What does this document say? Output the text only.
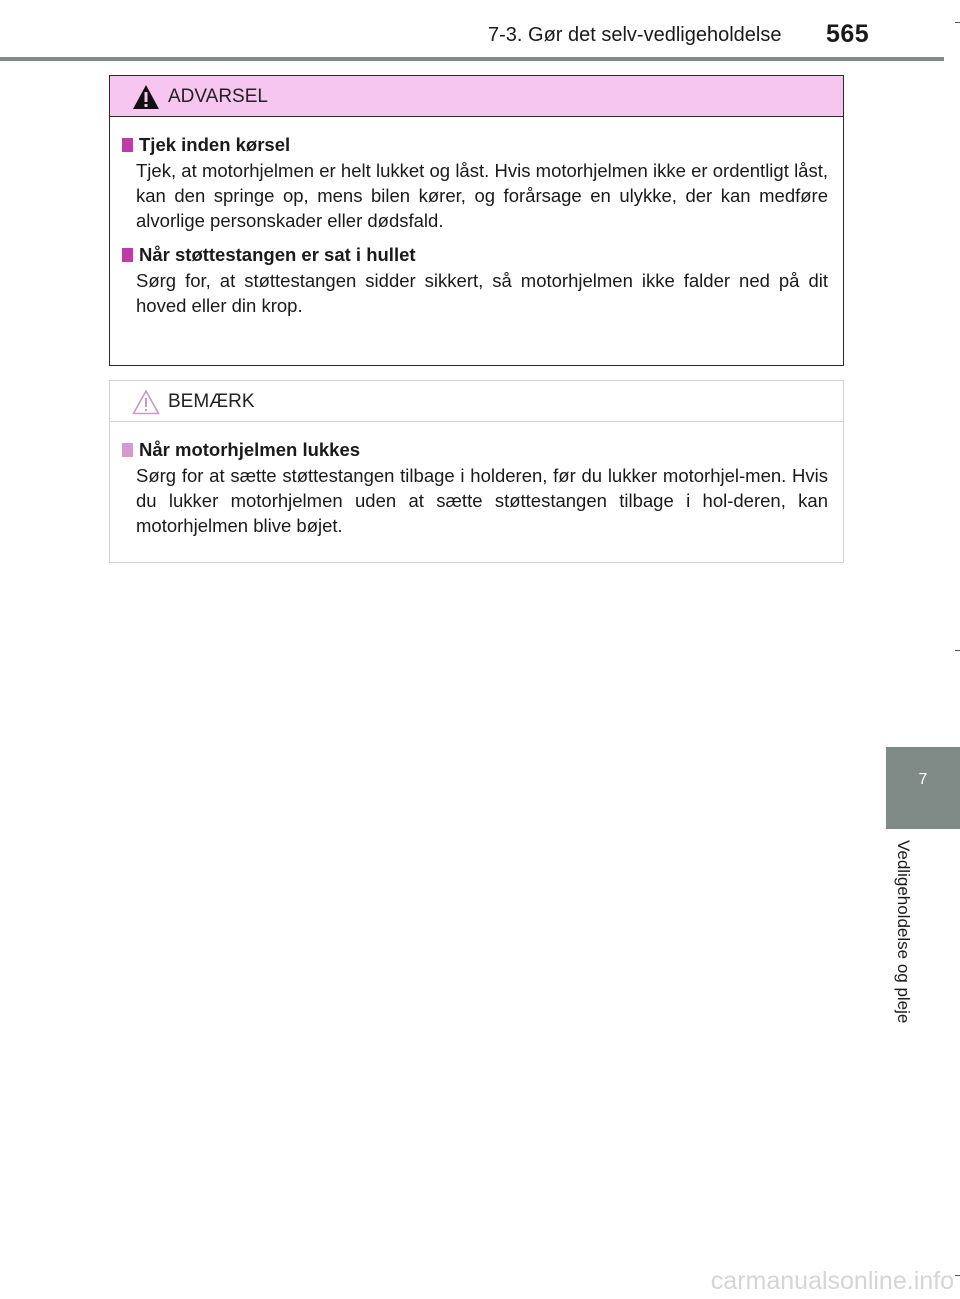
7-3. Gør det selv-vedligeholdelse 565
ADVARSEL
Tjek inden kørsel
Tjek, at motorhjelmen er helt lukket og låst. Hvis motorhjelmen ikke er ordentligt låst, kan den springe op, mens bilen kører, og forårsage en ulykke, der kan medføre alvorlige personskader eller dødsfald.
Når støttestangen er sat i hullet
Sørg for, at støttestangen sidder sikkert, så motorhjelmen ikke falder ned på dit hoved eller din krop.
BEMÆRK
Når motorhjelmen lukkes
Sørg for at sætte støttestangen tilbage i holderen, før du lukker motorhjel-men. Hvis du lukker motorhjelmen uden at sætte støttestangen tilbage i hol-deren, kan motorhjelmen blive bøjet.
7
Vedligeholdelse og pleje
carmanualsonline.info
